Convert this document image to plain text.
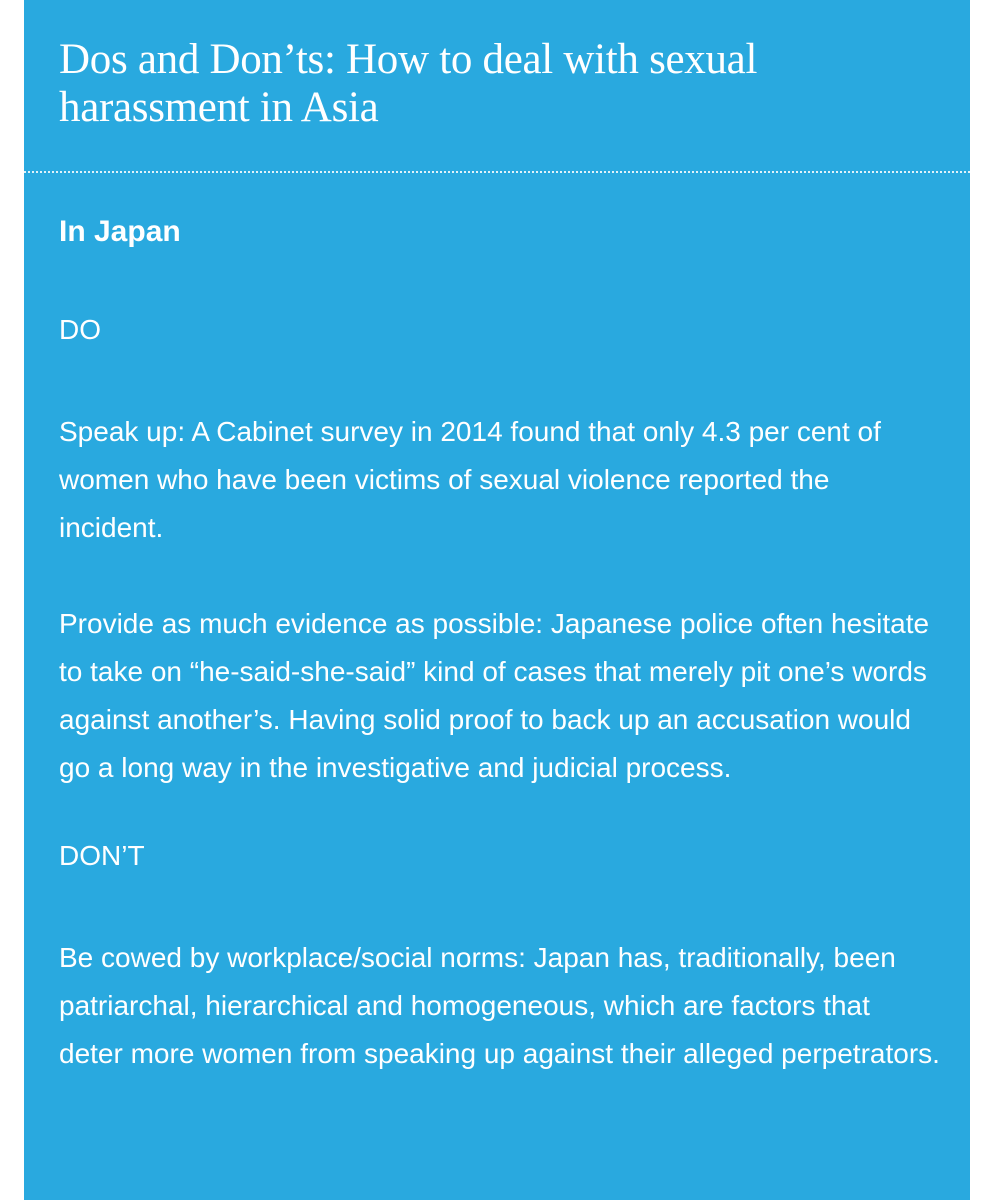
Dos and Don’ts: How to deal with sexual harassment in Asia
In Japan

DO

Speak up: A Cabinet survey in 2014 found that only 4.3 per cent of women who have been victims of sexual violence reported the incident.

Provide as much evidence as possible: Japanese police often hesitate to take on “he-said-she-said” kind of cases that merely pit one’s words against another’s. Having solid proof to back up an accusation would go a long way in the investigative and judicial process.

DON’T

Be cowed by workplace/social norms: Japan has, traditionally, been patriarchal, hierarchical and homogeneous, which are factors that deter more women from speaking up against their alleged perpetrators.
